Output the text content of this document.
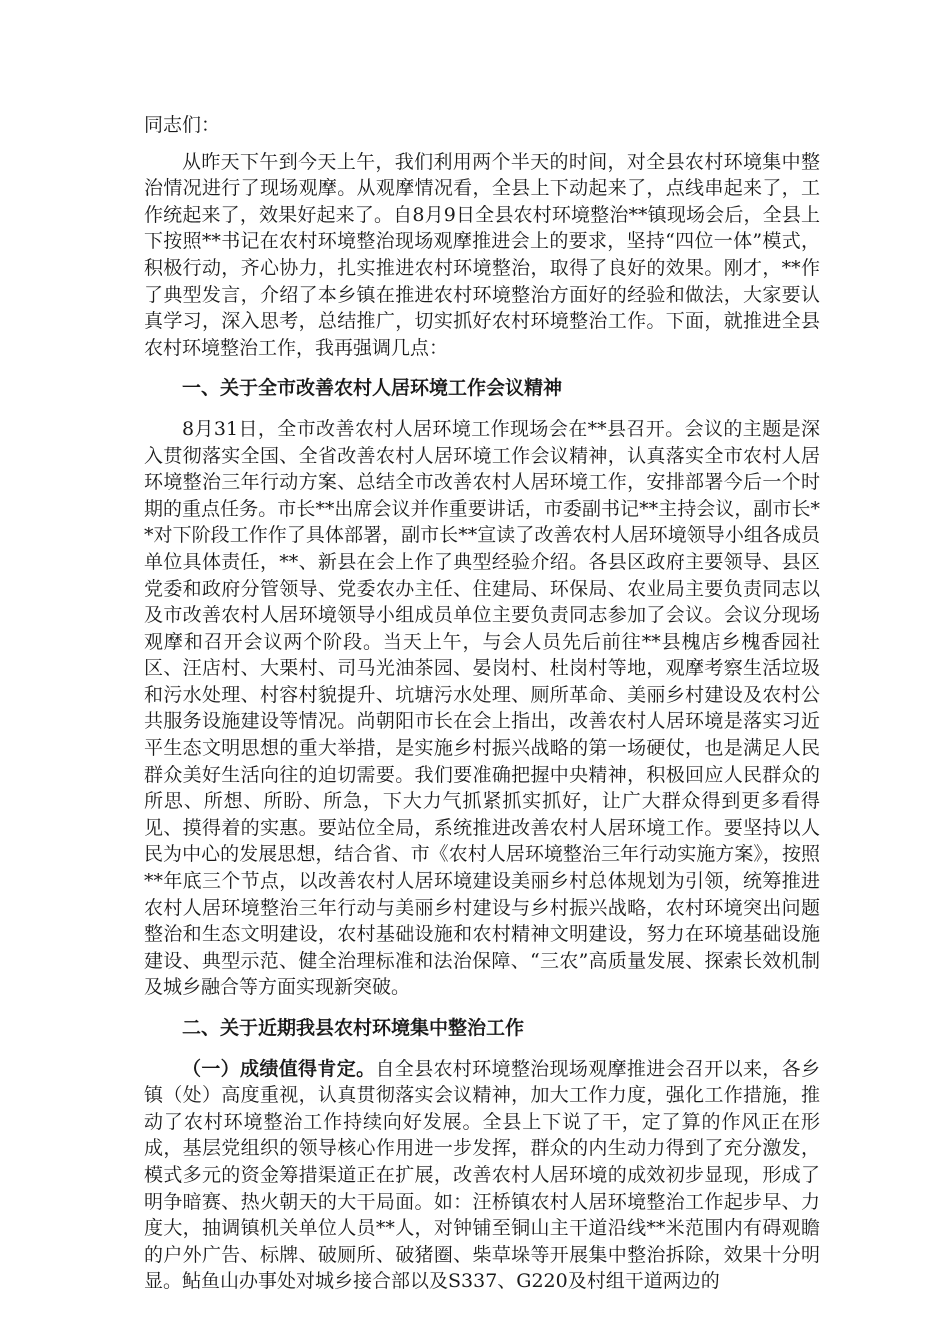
同志们：

从昨天下午到今天上午，我们利用两个半天的时间，对全县农村环境集中整治情况进行了现场观摩。从观摩情况看，全县上下动起来了，点线串起来了，工作统起来了，效果好起来了。自8月9日全县农村环境整治**镇现场会后，全县上下按照**书记在农村环境整治现场观摩推进会上的要求，坚持“四位一体”模式，积极行动，齐心协力，扎实推进农村环境整治，取得了良好的效果。刚才，**作了典型发言，介绍了本乡镇在推进农村环境整治方面好的经验和做法，大家要认真学习，深入思考，总结推广，切实抓好农村环境整治工作。下面，就推进全县农村环境整治工作，我再强调几点：

一、关于全市改善农村人居环境工作会议精神

8月31日，全市改善农村人居环境工作现场会在**县召开。会议的主题是深入贯彻落实全国、全省改善农村人居环境工作会议精神，认真落实全市农村人居环境整治三年行动方案、总结全市改善农村人居环境工作，安排部署今后一个时期的重点任务。市长**出席会议并作重要讲话，市委副书记**主持会议，副市长**对下阶段工作作了具体部署，副市长**宣读了改善农村人居环境领导小组各成员单位具体责任，**、新县在会上作了典型经验介绍。各县区政府主要领导、县区党委和政府分管领导、党委农办主任、住建局、环保局、农业局主要负责同志以及市改善农村人居环境领导小组成员单位主要负责同志参加了会议。会议分现场观摩和召开会议两个阶段。当天上午，与会人员先后前往**县槐店乡槐香园社区、汪店村、大栗村、司马光油茶园、晏岗村、杜岗村等地，观摩考察生活垃圾和污水处理、村容村貌提升、坑塘污水处理、厕所革命、美丽乡村建设及农村公共服务设施建设等情况。尚朝阳市长在会上指出，改善农村人居环境是落实习近平生态文明思想的重大举措，是实施乡村振兴战略的第一场硬仗，也是满足人民群众美好生活向往的迫切需要。我们要准确把握中央精神，积极回应人民群众的所思、所想、所盼、所急，下大力气抓紧抓实抓好，让广大群众得到更多看得见、摸得着的实惠。要站位全局，系统推进改善农村人居环境工作。要坚持以人民为中心的发展思想，结合省、市《农村人居环境整治三年行动实施方案》，按照**年底三个节点，以改善农村人居环境建设美丽乡村总体规划为引领，统筹推进农村人居环境整治三年行动与美丽乡村建设与乡村振兴战略，农村环境突出问题整治和生态文明建设，农村基础设施和农村精神文明建设，努力在环境基础设施建设、典型示范、健全治理标准和法治保障、“三农”高质量发展、探索长效机制及城乡融合等方面实现新突破。

二、关于近期我县农村环境集中整治工作

（一）成绩值得肯定。自全县农村环境整治现场观摩推进会召开以来，各乡镇（处）高度重视，认真贯彻落实会议精神，加大工作力度，强化工作措施，推动了农村环境整治工作持续向好发展。全县上下说了干，定了算的作风正在形成，基层党组织的领导核心作用进一步发挥，群众的内生动力得到了充分激发，模式多元的资金筹措渠道正在扩展，改善农村人居环境的成效初步显现，形成了明争暗赛、热火朝天的大干局面。如：汪桥镇农村人居环境整治工作起步早、力度大，抽调镇机关单位人员**人，对钟铺至铜山主干道沿线**米范围内有碍观瞻的户外广告、标牌、破厕所、破猪圈、柴草垛等开展集中整治拆除，效果十分明显。鲇鱼山办事处对城乡接合部以及S337、G220及村组干道两边的
